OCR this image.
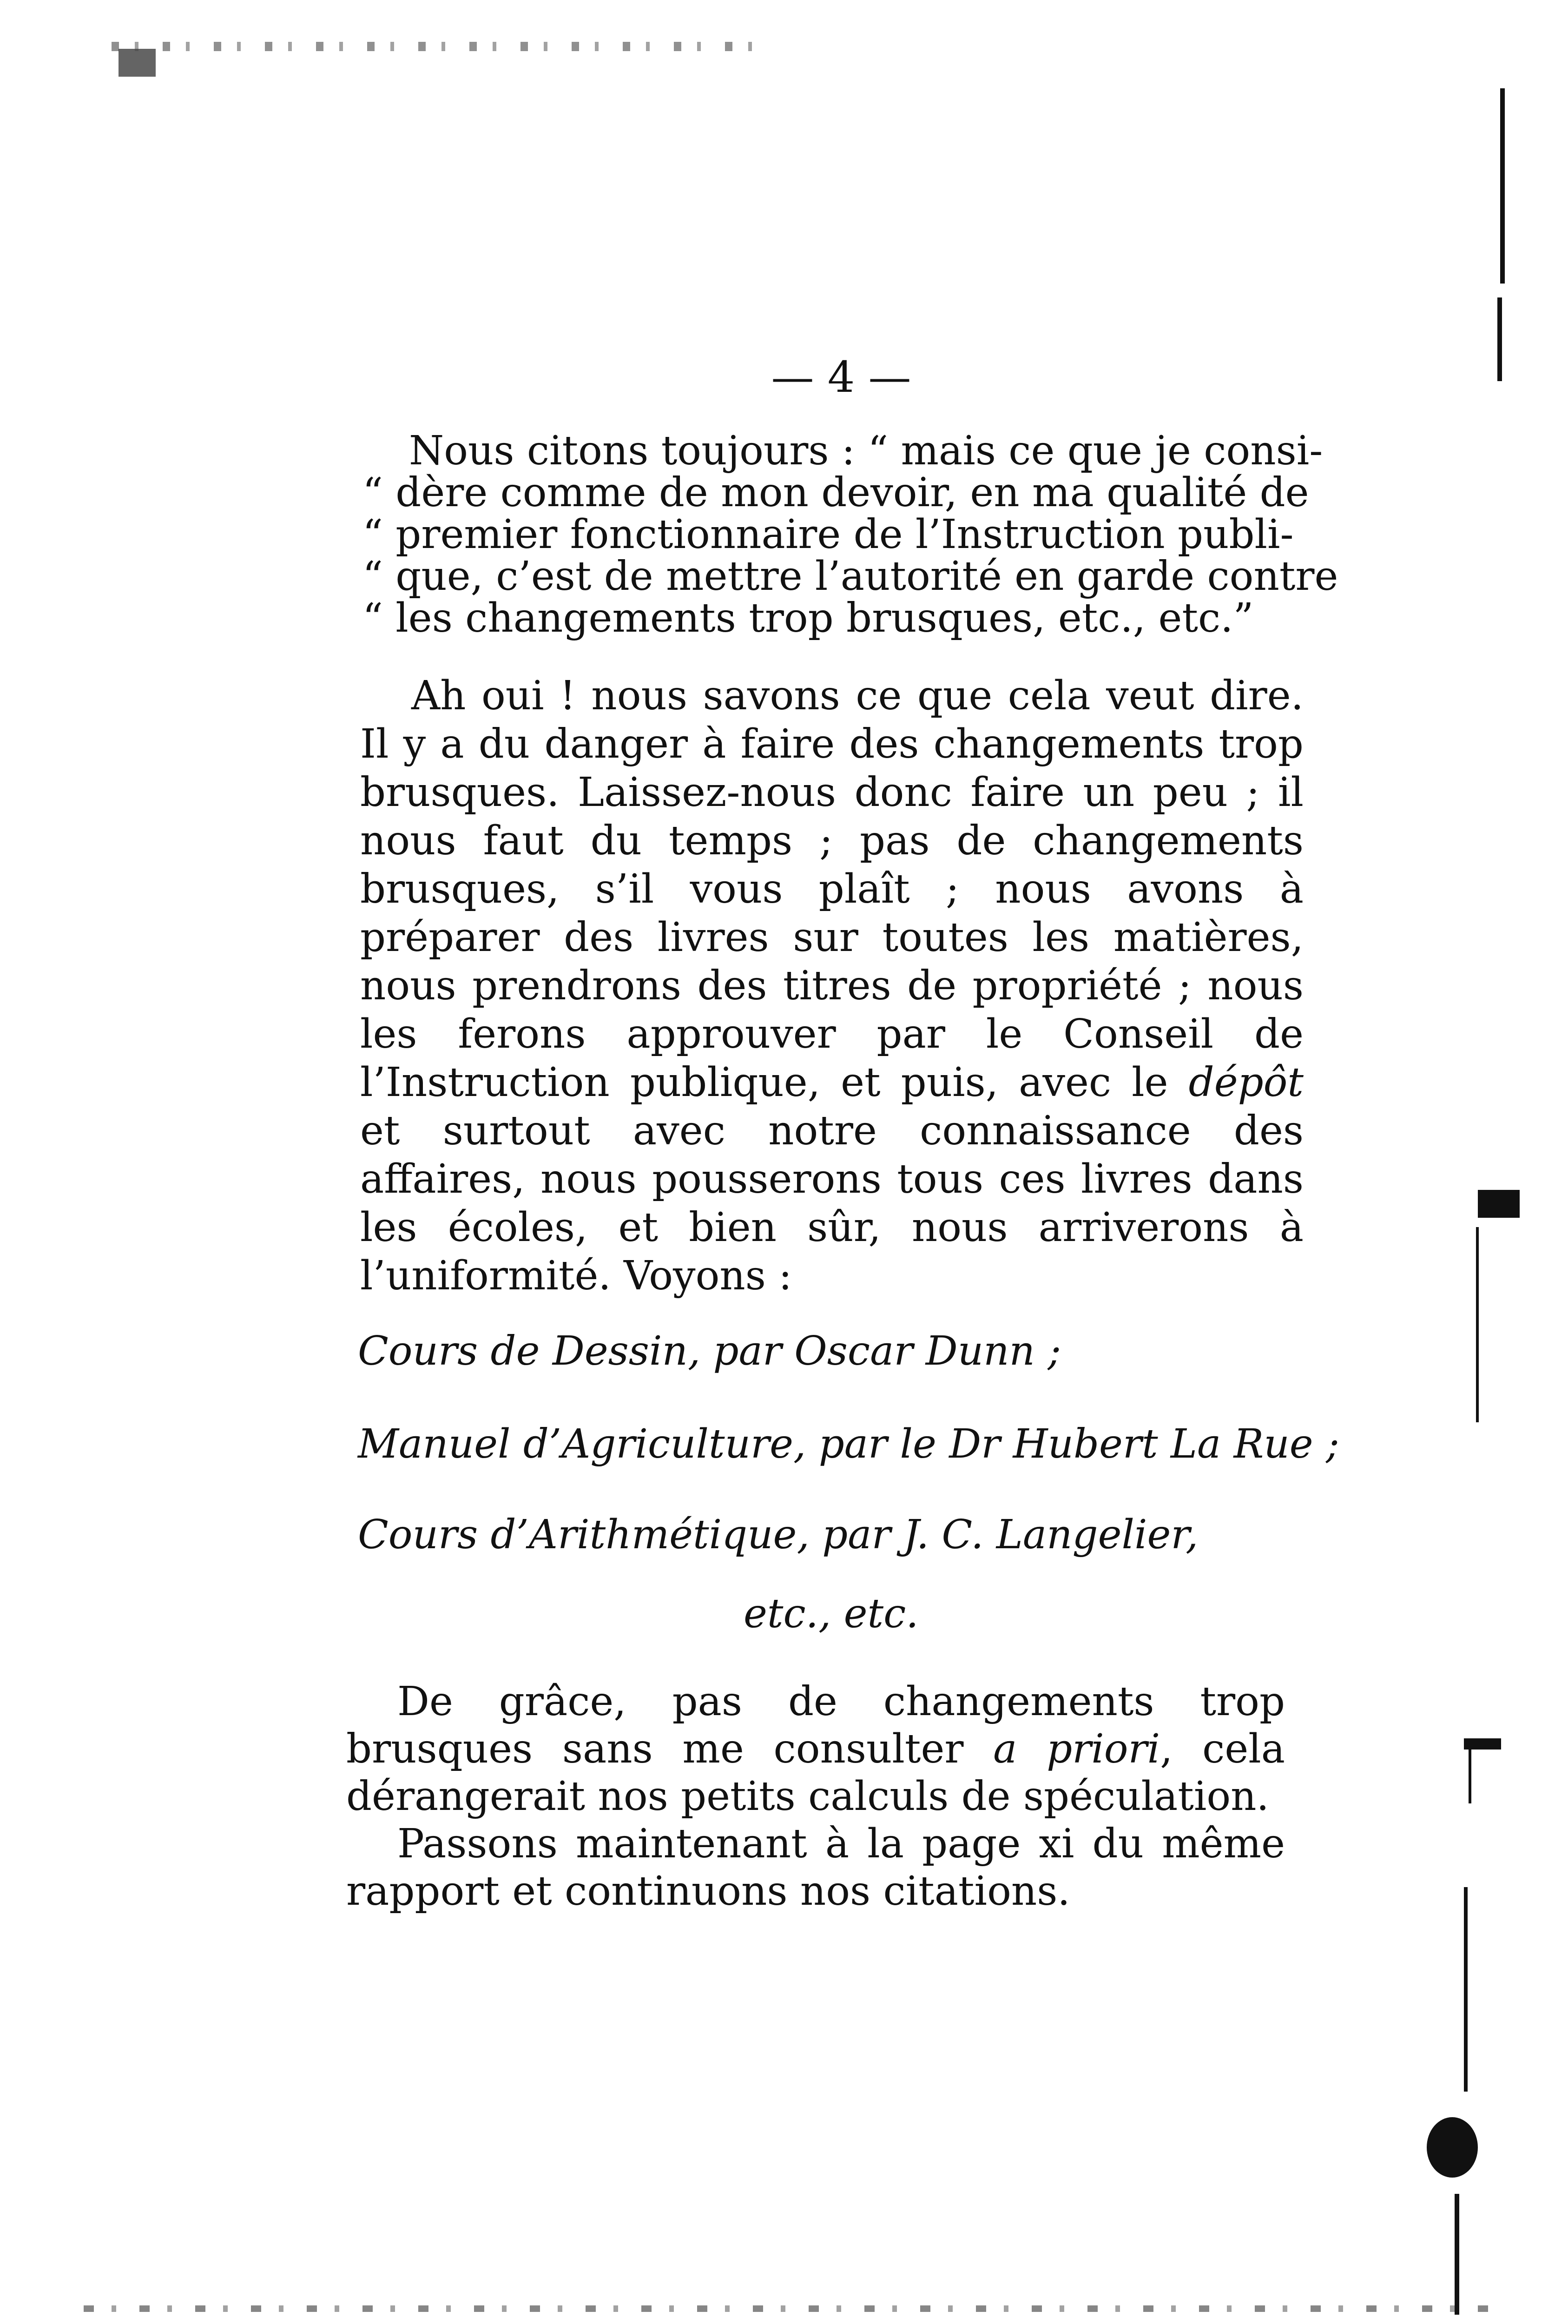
— 4 —
Nous citons toujours : “ mais ce que je consi-
“ dère comme de mon devoir, en ma qualité de
“ premier fonctionnaire de l’Instruction publi-
“ que, c’est de mettre l’autorité en garde contre
“ les changements trop brusques, etc., etc.”

Ah oui ! nous savons ce que cela veut dire. Il y a du danger à faire des changements trop brusques. Laissez-nous donc faire un peu ; il nous faut du temps ; pas de changements brusques, s’il vous plaît ; nous avons à préparer des livres sur toutes les matières, nous prendrons des titres de propriété ; nous les ferons approuver par le Conseil de l’Instruction publique, et puis, avec le dépôt et surtout avec notre connaissance des affaires, nous pousserons tous ces livres dans les écoles, et bien sûr, nous arriverons à l’uniformité. Voyons :

Cours de Dessin, par Oscar Dunn ;
Manuel d’Agriculture, par le Dr Hubert La Rue ;
Cours d’Arithmétique, par J. C. Langelier,
etc., etc.

De grâce, pas de changements trop brusques sans me consulter a priori, cela dérangerait nos petits calculs de spéculation.

Passons maintenant à la page xi du même rapport et continuons nos citations.
